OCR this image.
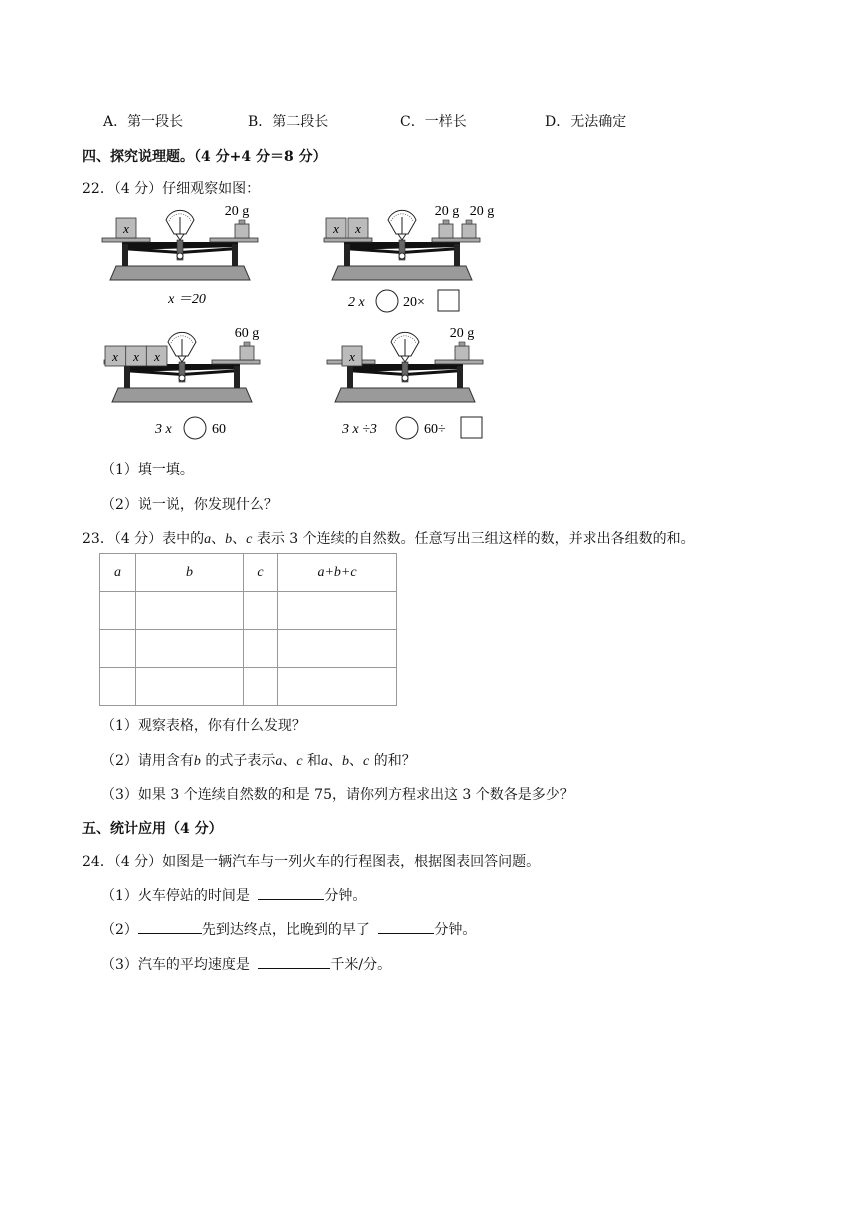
A．第一段长	B．第二段长	C．一样长	D．无法确定
四、探究说理题。（4 分+4 分＝8 分）
22．（4 分）仔细观察如图：
x
20 g
x ＝20
x x
20 g 20 g
2 x	20×
x x x
60 g
3 x	60
x
20 g
3 x ÷3	60÷
（1）填一填。
（2）说一说，你发现什么？
23．（4 分）表中的a、b、c 表示 3 个连续的自然数。任意写出三组这样的数，并求出各组数的和。
a	b	c	a+b+c

（1）观察表格，你有什么发现？
（2）请用含有b 的式子表示a、c 和a、b、c 的和？
（3）如果 3 个连续自然数的和是 75，请你列方程求出这 3 个数各是多少？
五、统计应用（4 分）
24．（4 分）如图是一辆汽车与一列火车的行程图表，根据图表回答问题。
（1）火车停站的时间是	分钟。
（2）	先到达终点，比晚到的早了	分钟。
（3）汽车的平均速度是	千米/分。
